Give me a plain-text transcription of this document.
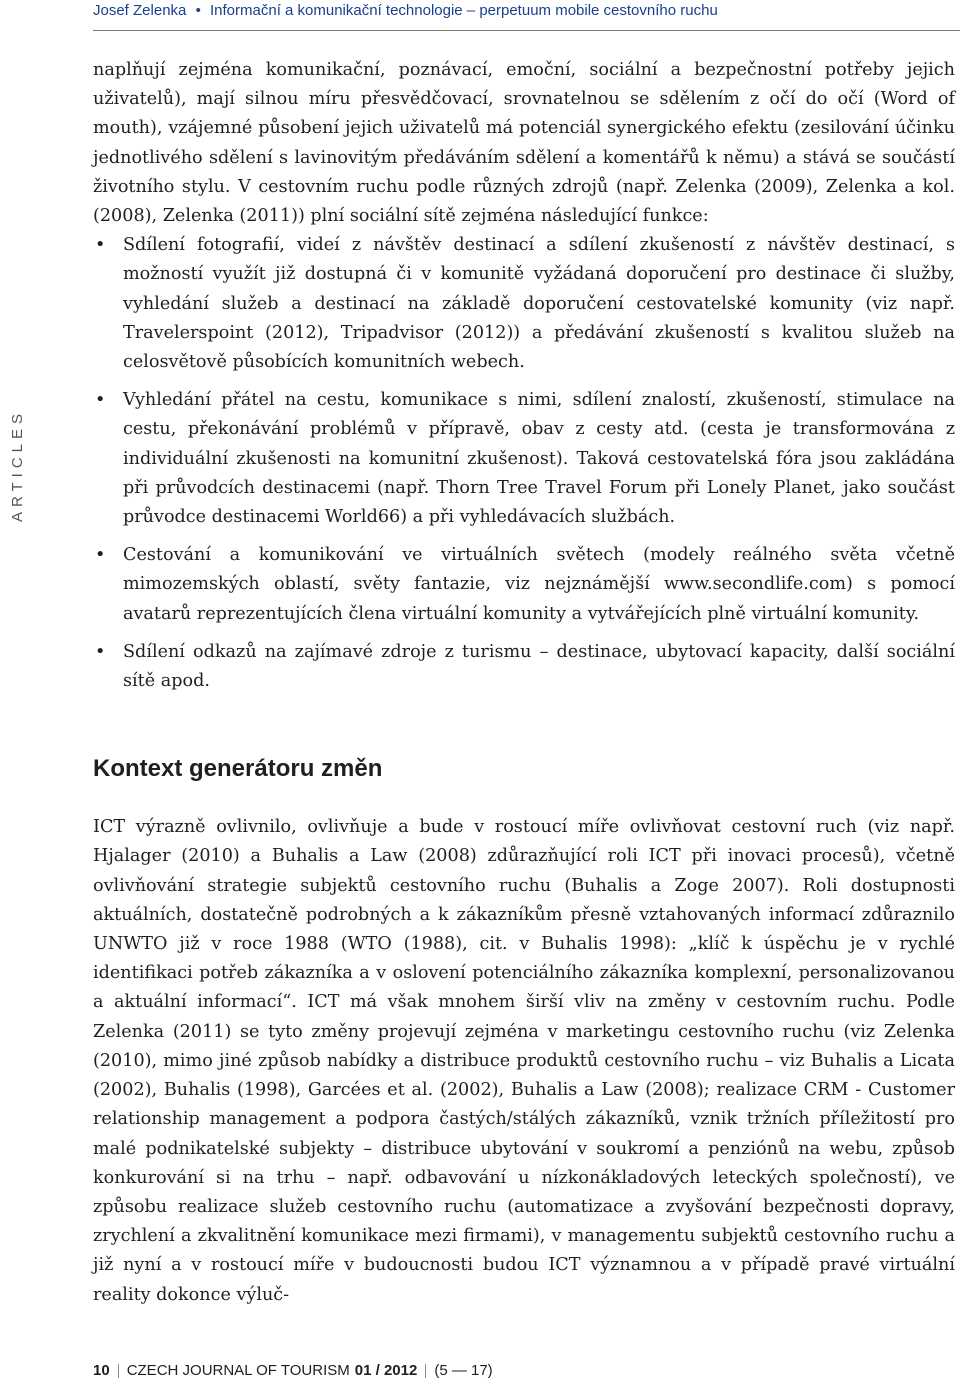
Josef Zelenka • Informační a komunikační technologie – perpetuum mobile cestovního ruchu
ARTICLES

naplňují zejména komunikační, poznávací, emoční, sociální a bezpečnostní potřeby jejich uživatelů), mají silnou míru přesvědčovací, srovnatelnou se sdělením z očí do očí (Word of mouth), vzájemné působení jejich uživatelů má potenciál synergického efektu (zesilování účinku jednotlivého sdělení s lavinovitým předáváním sdělení a komentářů k němu) a stává se součástí životního stylu. V cestovním ruchu podle různých zdrojů (např. Zelenka (2009), Zelenka a kol. (2008), Zelenka (2011)) plní sociální sítě zejména následující funkce:

• Sdílení fotografií, videí z návštěv destinací a sdílení zkušeností z návštěv destinací, s možností využít již dostupná či v komunitě vyžádaná doporučení pro destinace či služby, vyhledání služeb a destinací na základě doporučení cestovatelské komunity (viz např. Travelerspoint (2012), Tripadvisor (2012)) a předávání zkušeností s kvalitou služeb na celosvětově působících komunitních webech.
• Vyhledání přátel na cestu, komunikace s nimi, sdílení znalostí, zkušeností, stimulace na cestu, překonávání problémů v přípravě, obav z cesty atd. (cesta je transformována z individuální zkušenosti na komunitní zkušenost). Taková cestovatelská fóra jsou zakládána při průvodcích destinacemi (např. Thorn Tree Travel Forum při Lonely Planet, jako součást průvodce destinacemi World66) a při vyhledávacích službách.
• Cestování a komunikování ve virtuálních světech (modely reálného světa včetně mimozemských oblastí, světy fantazie, viz nejznámější www.secondlife.com) s pomocí avatarů reprezentujících člena virtuální komunity a vytvářejících plně virtuální komunity.
• Sdílení odkazů na zajímavé zdroje z turismu – destinace, ubytovací kapacity, další sociální sítě apod.
Kontext generátoru změn

ICT výrazně ovlivnilo, ovlivňuje a bude v rostoucí míře ovlivňovat cestovní ruch (viz např. Hjalager (2010) a Buhalis a Law (2008) zdůrazňující roli ICT při inovaci procesů), včetně ovlivňování strategie subjektů cestovního ruchu (Buhalis a Zoge 2007). Roli dostupnosti aktuálních, dostatečně podrobných a k zákazníkům přesně vztahovaných informací zdůraznilo UNWTO již v roce 1988 (WTO (1988), cit. v Buhalis 1998): „klíč k úspěchu je v rychlé identifikaci potřeb zákazníka a v oslovení potenciálního zákazníka komplexní, personalizovanou a aktuální informací“. ICT má však mnohem širší vliv na změny v cestovním ruchu. Podle Zelenka (2011) se tyto změny projevují zejména v marketingu cestovního ruchu (viz Zelenka (2010), mimo jiné způsob nabídky a distribuce produktů cestovního ruchu – viz Buhalis a Licata (2002), Buhalis (1998), Garcées et al. (2002), Buhalis a Law (2008); realizace CRM - Customer relationship management a podpora častých/stálých zákazníků, vznik tržních příležitostí pro malé podnikatelské subjekty – distribuce ubytování v soukromí a penziónů na webu, způsob konkurování si na trhu – např. odbavování u nízkonákladových leteckých společností), ve způsobu realizace služeb cestovního ruchu (automatizace a zvyšování bezpečnosti dopravy, zrychlení a zkvalitnění komunikace mezi firmami), v managementu subjektů cestovního ruchu a již nyní a v rostoucí míře v budoucnosti budou ICT významnou a v případě pravé virtuální reality dokonce výluč-

10 CZECH JOURNAL OF TOURISM 01 / 2012 (5 — 17)
